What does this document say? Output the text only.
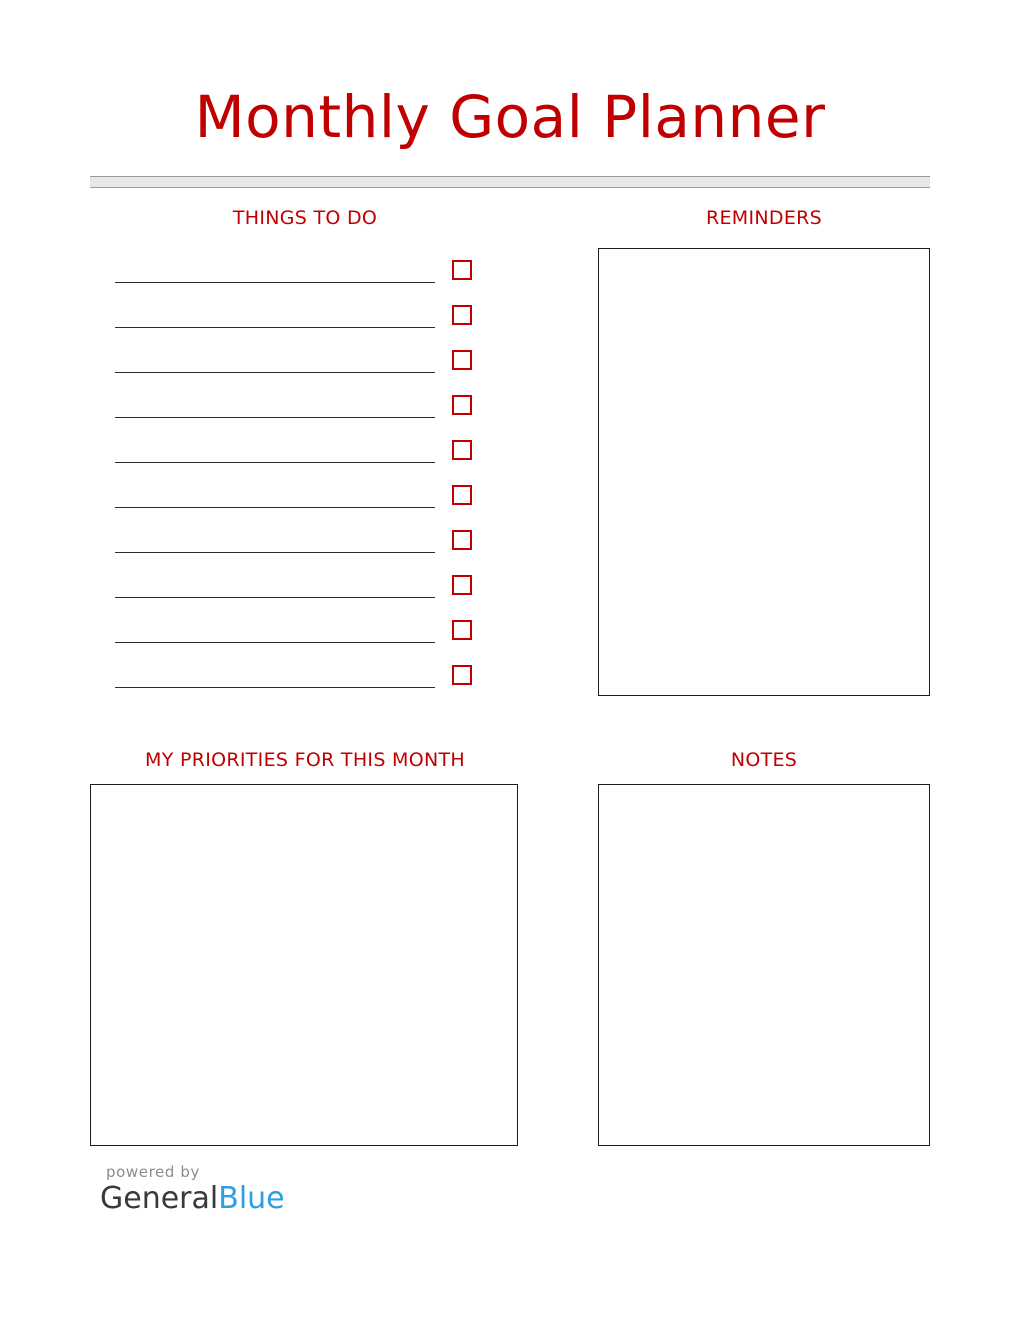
Monthly Goal Planner
THINGS TO DO	REMINDERS
MY PRIORITIES FOR THIS MONTH	NOTES
powered by
GeneralBlue
